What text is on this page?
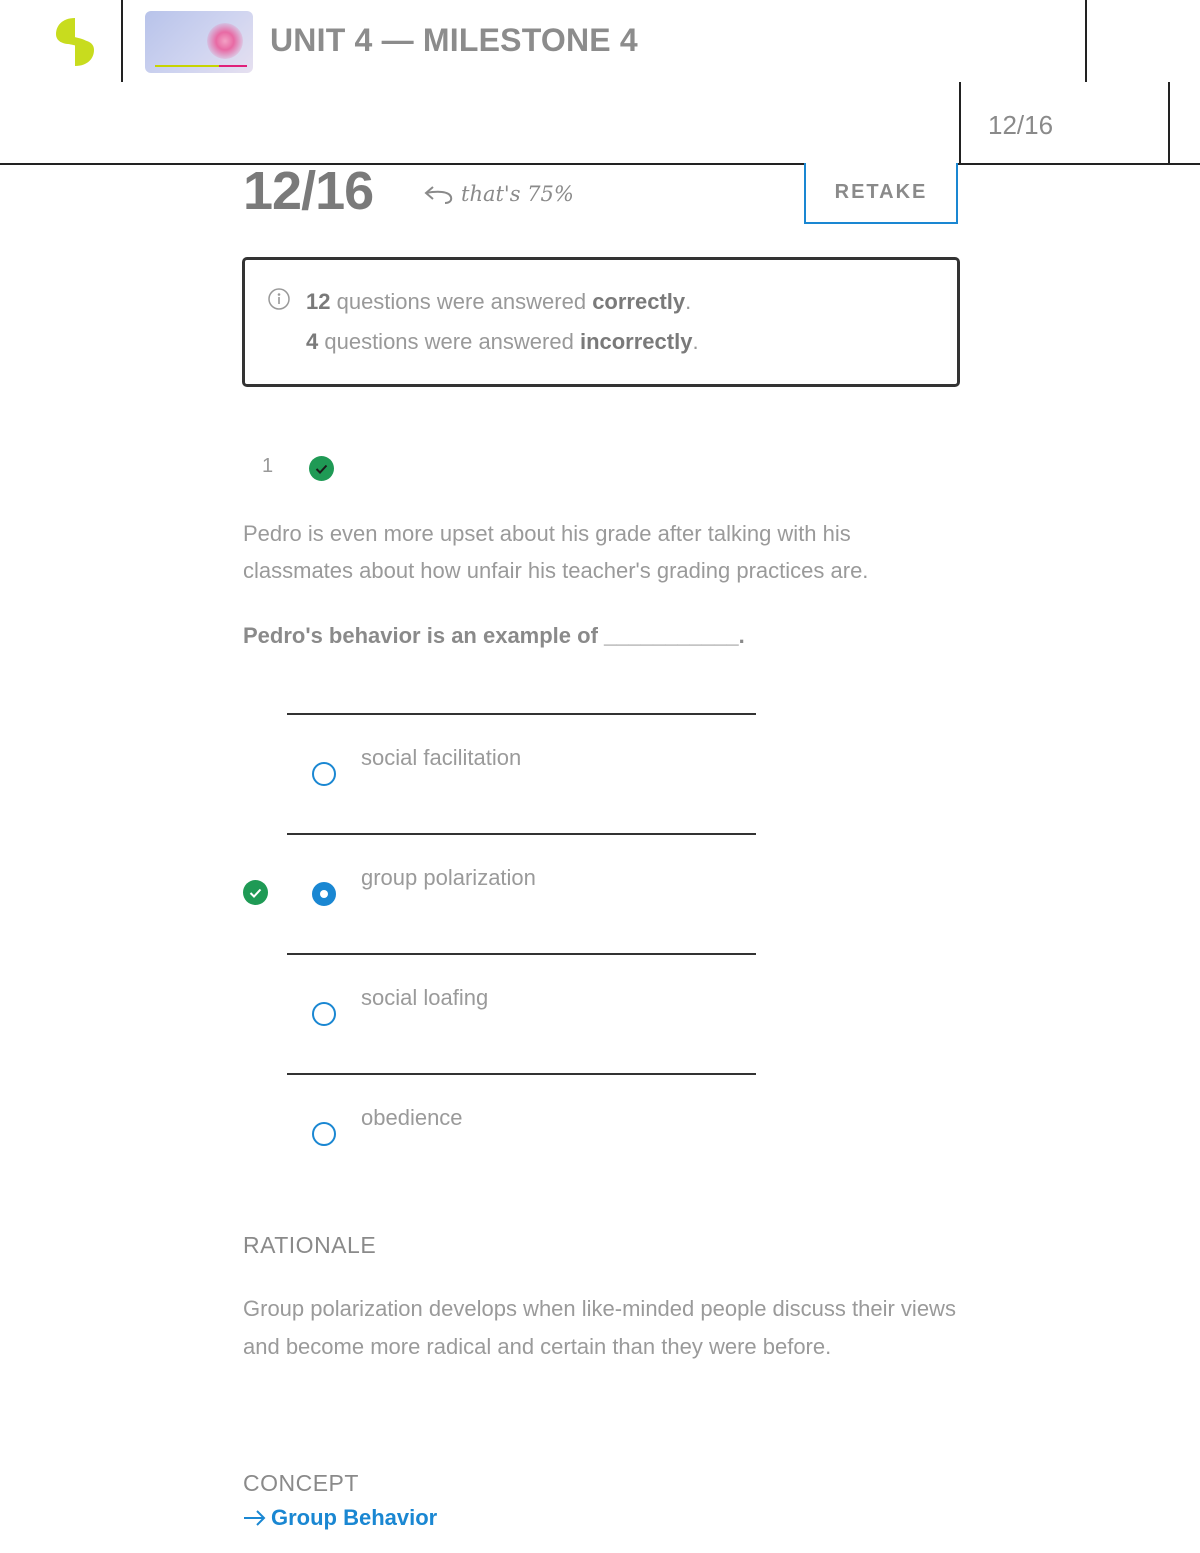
UNIT 4 — MILESTONE 4
12/16
12/16	that's 75%	RETAKE
12 questions were answered correctly.
4 questions were answered incorrectly.
1
Pedro is even more upset about his grade after talking with his classmates about how unfair his teacher's grading practices are.
Pedro's behavior is an example of ___________.
social facilitation
group polarization
social loafing
obedience
RATIONALE
Group polarization develops when like-minded people discuss their views and become more radical and certain than they were before.
CONCEPT
Group Behavior
